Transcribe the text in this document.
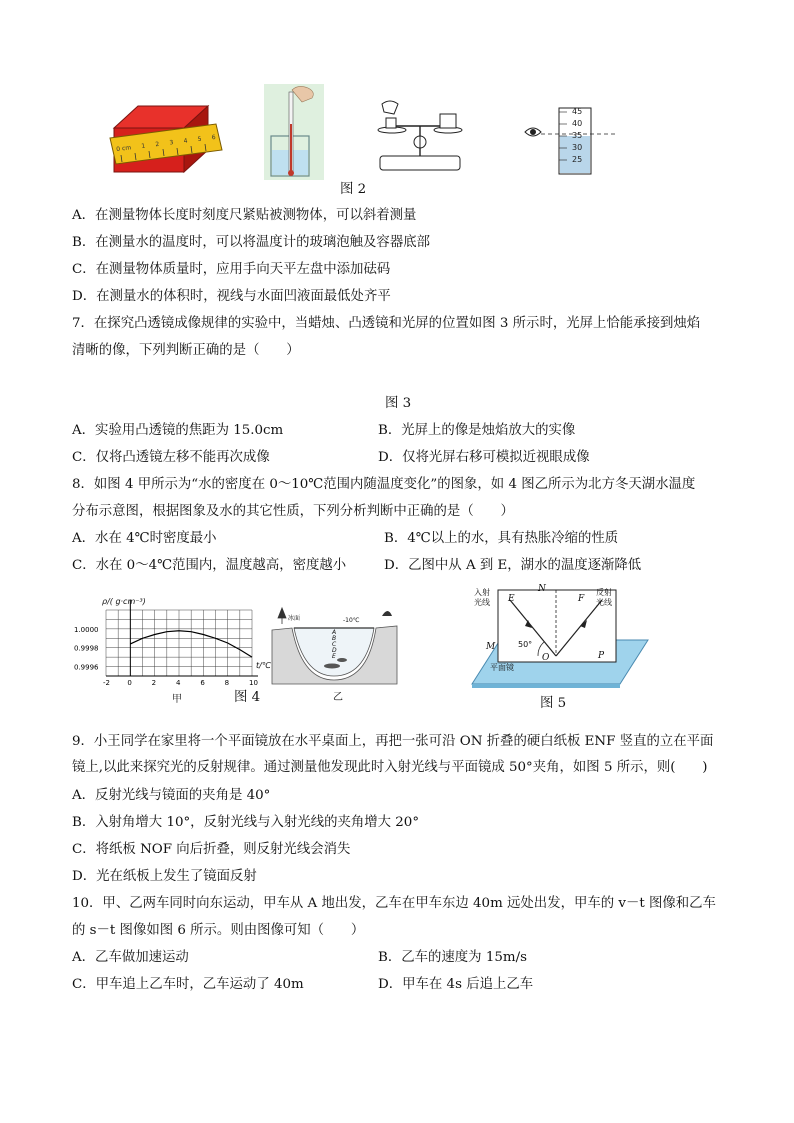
0 cm 1 2 3 4 5 6
45
40
35
30
25
图 2
A．在测量物体长度时刻度尺紧贴被测物体，可以斜着测量
B．在测量水的温度时，可以将温度计的玻璃泡触及容器底部
C．在测量物体质量时，应用手向天平左盘中添加砝码
D．在测量水的体积时，视线与水面凹液面最低处齐平
7．在探究凸透镜成像规律的实验中，当蜡烛、凸透镜和光屏的位置如图 3 所示时，光屏上恰能承接到烛焰
清晰的像，下列判断正确的是（　　）
图 3
A．实验用凸透镜的焦距为 15.0cm	B．光屏上的像是烛焰放大的实像
C．仅将凸透镜左移不能再次成像	D．仅将光屏右移可模拟近视眼成像
8．如图 4 甲所示为“水的密度在 0～10℃范围内随温度变化”的图象，如 4 图乙所示为北方冬天湖水温度
分布示意图，根据图象及水的其它性质，下列分析判断中正确的是（　　）
A．水在 4℃时密度最小	B．4℃以上的水，具有热胀冷缩的性质
C．水在 0～4℃范围内，温度越高，密度越小	D．乙图中从 A 到 E，湖水的温度逐渐降低
1.0000
0.9998
0.9996
-2 0	2	4	6	8	10
ρ/( g·cm⁻³)
t/℃
甲	图 4
冰面	-10℃
A
B
C
D
E
乙
入射
光线
反射
光线
E
N
F
M
O	P
50°
平面镜
图 5
9．小王同学在家里将一个平面镜放在水平桌面上，再把一张可沿 ON 折叠的硬白纸板 ENF 竖直的立在平面
镜上,以此来探究光的反射规律。通过测量他发现此时入射光线与平面镜成 50°夹角，如图 5 所示，则(　　)
A．反射光线与镜面的夹角是 40°
B．入射角增大 10°，反射光线与入射光线的夹角增大 20°
C．将纸板 NOF 向后折叠，则反射光线会消失
D．光在纸板上发生了镜面反射
10．甲、乙两车同时向东运动，甲车从 A 地出发，乙车在甲车东边 40m 远处出发，甲车的 v－t 图像和乙车
的 s－t 图像如图 6 所示。则由图像可知（　　）
A．乙车做加速运动	B．乙车的速度为 15m/s
C．甲车追上乙车时，乙车运动了 40m	D．甲车在 4s 后追上乙车
